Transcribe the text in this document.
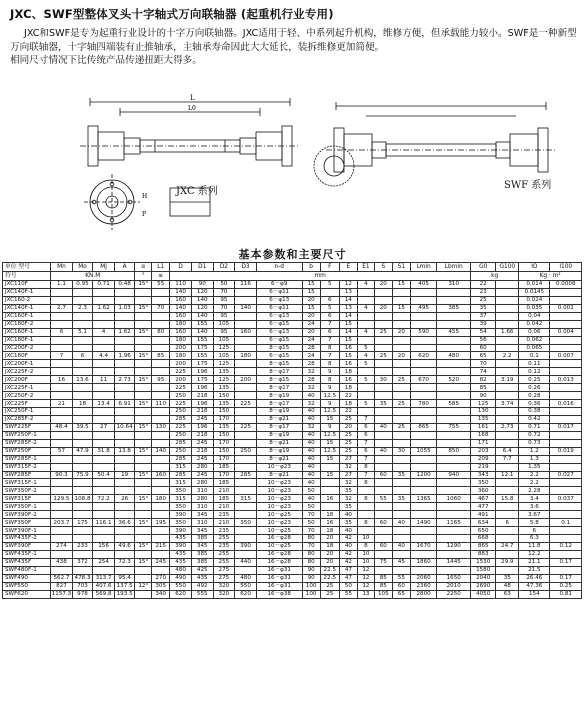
JXC、SWF型整体叉头十字轴式万向联轴器 (起重机行业专用)

JXC和SWF是专为起重行业设计的十字万向联轴器。JXC适用于轻、中系列起升机构，维修方便，但承载能力较小。SWF是一种新型万向联轴器，十字轴四端装有止推轴承，主轴承寿命因此大大延长，装拆维修更加简便。

相同尺寸情况下比传统产品传递扭距大得多。

L
L0
H
P
JXC 系列
SWF 系列
基本参数和主要尺寸
单位 型号	Mn	Mo	Mj	A	α	L1	D	D1	D2	D3	n-d	b	F	E	E1	S	S1	Lmin	Lbmin	G0	G100	IO	I100
符号	KN.M				°	≤	mm													kg		Kg · m²	
JXC110F	1.1	0.95	0.71	0.48	15°	55	110	90	50	116	6－φ9	15	5	12	4	20	15	405	310	22		0.014	0.0008
JXC140F-1							140	120	70		6－φ11	15		13						23		0.0145	
JXC160-2							160	140	95		6－φ13	20	6	14						25		0.024	
JXC140F-1	2.7	2.3	1.62	1.03	15°	70	140	120	70	140	6－φ11	15	5	13	4	20	15	495	385	35		0.035	0.001
JXC160F-1							160	140	95		6－φ13	20	6	14						37		0.04	
JXC180F-2							180	155	105		6－φ15	24	7	15						39		0.042	
JXC160F-1	6	5.1	4	1.62	15°	80	160	140	95	160	6－φ13	20	6	14	4	25	20	590	455	54	1.66	0.06	0.004
JXC180F-1							180	155	105		6－φ15	24	7	15						56		0.062	
JXC200F-2							200	175	125		8－φ15	28	8	16	5					60		0.065	
JXC180F	7	6	4.4	1.96	15°	85	180	155	105	180	6－φ15	24	7	15	4	25	20	620	480	65	2.2	0.1	0.007
JXC200F-1							200	175	125		8－φ15	28	8	16	5					70		0.11	
JXC225F-2							225	196	135		8－φ17	32	9	18						74		0.12	
JXC200F	16	13.6	11	2.73	15°	95	200	175	125	200	8－φ15	28	8	16	5	30	25	670	520	82	3.19	0.25	0.013
JXC225F-1							225	196	135		8－φ17	32	9	18						85		0.26	
JXC250F-2							250	218	150		8－φ19	40	12.5	22						90		0.28	
JXC225F	21	18	13.4	6.91	15°	110	225	196	135	225	8－φ17	32	9	18	5	35	25	780	585	125	3.74	0.36	0.016
JXC250F-1							250	218	150		8－φ19	40	12.5	22						130		0.38	
JXC285F-2							285	245	170		8－φ21	40	15	25	7					135		0.42	
SWF225F	48.4	39.5	27	10.64	15°	130	225	196	135	225	8－φ17	32	9	20	6	40	25	865	755	161	2.73	0.71	0.017
SWF250F-1							250	218	150		8－φ19	40	12.5	25	6					168		0.72	
SWF285F-2							285	245	170		8－φ21	40	15	25	7					171		0.73	
SWF250F	57	47.9	31.8	13.8	15°	140	250	218	150	250	8－φ19	40	12.5	25	6	40	30	1055	850	203	6.4	1.2	0.019
SWF285F-1							285	245	170		8－φ21	40	15	27	7					209	7.7	1.3	
SWF315F-2							315	280	185		10－φ23	40		32	8					219		1.35	
SWF285F	90.3	75.9	50.4	19	15°	160	285	245	170	285	8－φ21	40	15	27	7	60	35	1200	940	343	12.1	2.2	0.027
SWF315F-1							315	280	185		10－φ23	40		32	8					350		2.2	
SWF350F-2							350	310	210		10－φ23	50		35						360		2.28	
SWF315F	129.5	108.8	72.2	26	15°	180	315	280	185	315	10－φ23	40	16	32	8	55	35	1365	1060	467	15.8	3.4	0.037
SWF350F-1							350	310	210		10－φ23	50		35						477		3.6	
SWF390F-2							390	345	235		10－φ25	70	18	40						491		3.67	
SWF350F	203.7	175	116.1	36.6	15°	195	350	310	210	350	10－φ23	50	16	35	8	60	40	1490	1165	634	6	5.8	0.1
SWF390F-1							390	345	235		10－φ25	70	18	40						650		6	
SWF435F-2							435	385	255		16－φ28	80	20	42	10					668		6.3	
SWF390F	274	233	156	49.6	15°	215	390	345	235	390	10－φ25	70	18	40	8	60	40	1670	1290	865	24.7	11.8	0.12
SWF435F-1							435	385	255		16－φ28	80	20	42	10					883		12.2	
SWF435F	438	372	254	72.3	15°	245	435	385	255	440	16－φ28	80	20	42	10	75	45	1860	1445	1530	29.9	21.1	0.17
SWF480F-1							480	425	275		16－φ31	90	22.5	47	12					1580		21.5	
SWF490	562.7	478.3	313.7	95.4		270	490	435	275	480	16－φ31	90	22.5	47	12	85	55	2060	1650	2040	35	26.46	0.17
SWF550	827	703	407.6	137.5	12°	305	550	492	320	550	16－φ31	100	25	50	12	85	60	2360	2010	2690	48	47.36	0.25
SWF620	1157.3	978	569.8	193.5		340	620	555	320	620	16－φ38	100	25	55	13	105	65	2800	2250	4050	63	154	0.81
